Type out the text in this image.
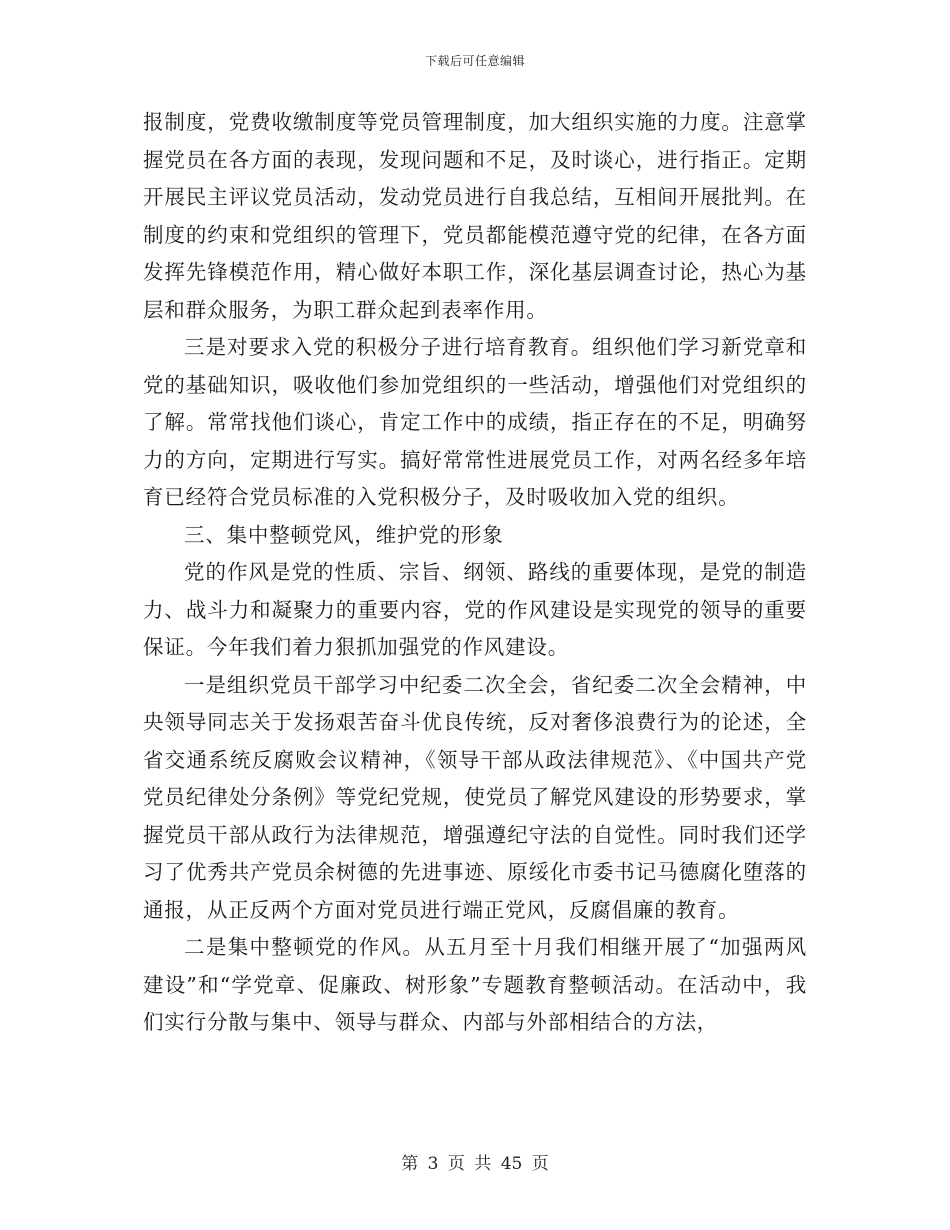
下载后可任意编辑

报制度，党费收缴制度等党员管理制度，加大组织实施的力度。注意掌握党员在各方面的表现，发现问题和不足，及时谈心，进行指正。定期开展民主评议党员活动，发动党员进行自我总结，互相间开展批判。在制度的约束和党组织的管理下，党员都能模范遵守党的纪律，在各方面发挥先锋模范作用，精心做好本职工作，深化基层调查讨论，热心为基层和群众服务，为职工群众起到表率作用。

三是对要求入党的积极分子进行培育教育。组织他们学习新党章和党的基础知识，吸收他们参加党组织的一些活动，增强他们对党组织的了解。常常找他们谈心，肯定工作中的成绩，指正存在的不足，明确努力的方向，定期进行写实。搞好常常性进展党员工作，对两名经多年培育已经符合党员标准的入党积极分子，及时吸收加入党的组织。

三、集中整顿党风，维护党的形象

党的作风是党的性质、宗旨、纲领、路线的重要体现，是党的制造力、战斗力和凝聚力的重要内容，党的作风建设是实现党的领导的重要保证。今年我们着力狠抓加强党的作风建设。

一是组织党员干部学习中纪委二次全会，省纪委二次全会精神，中央领导同志关于发扬艰苦奋斗优良传统，反对奢侈浪费行为的论述，全省交通系统反腐败会议精神，《领导干部从政法律规范》、《中国共产党党员纪律处分条例》等党纪党规，使党员了解党风建设的形势要求，掌握党员干部从政行为法律规范，增强遵纪守法的自觉性。同时我们还学习了优秀共产党员余树德的先进事迹、原绥化市委书记马德腐化堕落的通报，从正反两个方面对党员进行端正党风，反腐倡廉的教育。

二是集中整顿党的作风。从五月至十月我们相继开展了“加强两风建设”和“学党章、促廉政、树形象”专题教育整顿活动。在活动中，我们实行分散与集中、领导与群众、内部与外部相结合的方法，

第 3 页 共 45 页
